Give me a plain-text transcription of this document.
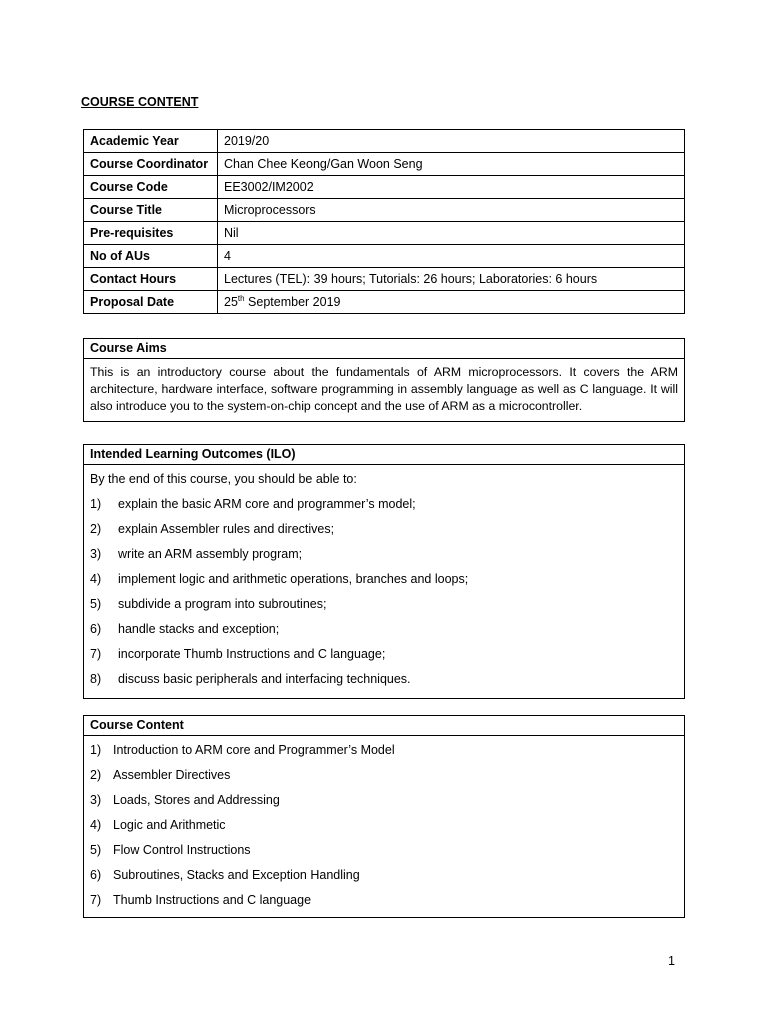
COURSE CONTENT
Academic Year	2019/20
Course Coordinator	Chan Chee Keong/Gan Woon Seng
Course Code	EE3002/IM2002
Course Title	Microprocessors
Pre-requisites	Nil
No of AUs	4
Contact Hours	Lectures (TEL): 39 hours; Tutorials: 26 hours; Laboratories: 6 hours
Proposal Date	25th September 2019
Course Aims
This is an introductory course about the fundamentals of ARM microprocessors. It covers the ARM architecture, hardware interface, software programming in assembly language as well as C language. It will also introduce you to the system-on-chip concept and the use of ARM as a microcontroller.
Intended Learning Outcomes (ILO)
By the end of this course, you should be able to:
1)	explain the basic ARM core and programmer’s model;
2)	explain Assembler rules and directives;
3)	write an ARM assembly program;
4)	implement logic and arithmetic operations, branches and loops;
5)	subdivide a program into subroutines;
6)	handle stacks and exception;
7)	incorporate Thumb Instructions and C language;
8)	discuss basic peripherals and interfacing techniques.
Course Content
1) Introduction to ARM core and Programmer’s Model
2) Assembler Directives
3) Loads, Stores and Addressing
4) Logic and Arithmetic
5) Flow Control Instructions
6) Subroutines, Stacks and Exception Handling
7) Thumb Instructions and C language
1
